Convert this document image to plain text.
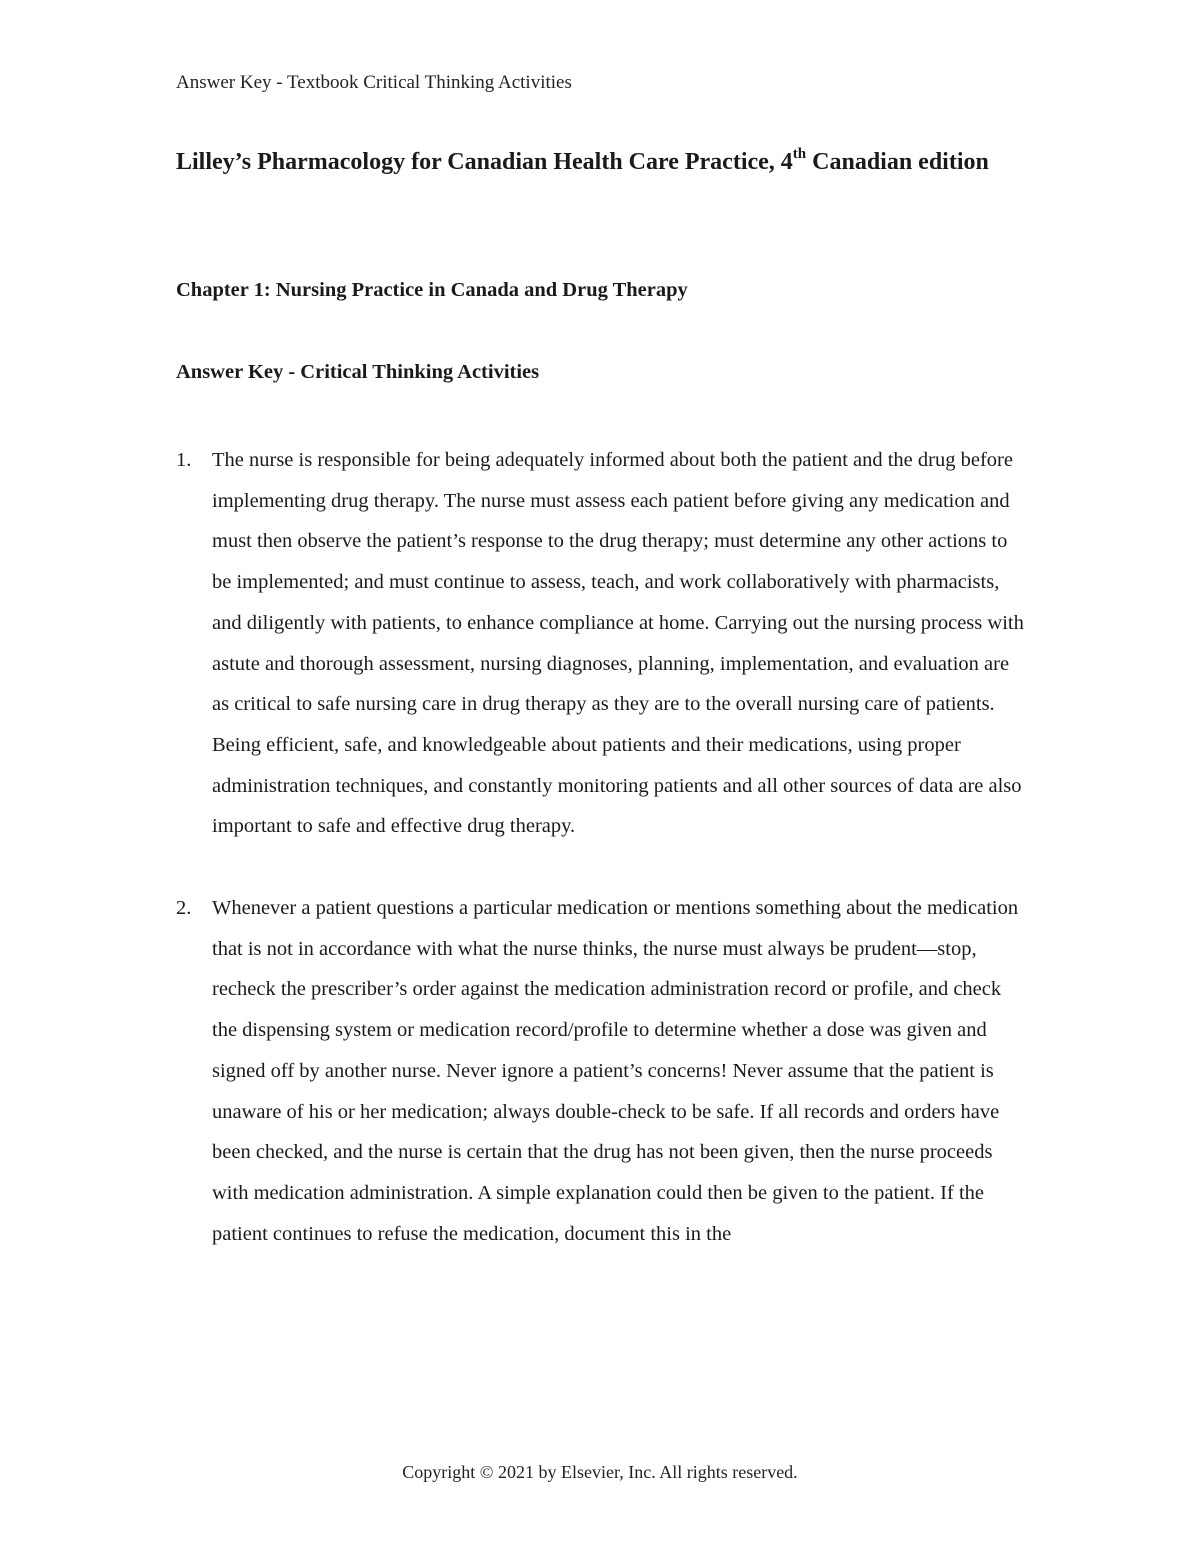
Answer Key - Textbook Critical Thinking Activities
Lilley’s Pharmacology for Canadian Health Care Practice, 4th Canadian edition
Chapter 1: Nursing Practice in Canada and Drug Therapy
Answer Key - Critical Thinking Activities
1. The nurse is responsible for being adequately informed about both the patient and the drug before implementing drug therapy. The nurse must assess each patient before giving any medication and must then observe the patient’s response to the drug therapy; must determine any other actions to be implemented; and must continue to assess, teach, and work collaboratively with pharmacists, and diligently with patients, to enhance compliance at home. Carrying out the nursing process with astute and thorough assessment, nursing diagnoses, planning, implementation, and evaluation are as critical to safe nursing care in drug therapy as they are to the overall nursing care of patients. Being efficient, safe, and knowledgeable about patients and their medications, using proper administration techniques, and constantly monitoring patients and all other sources of data are also important to safe and effective drug therapy.
2. Whenever a patient questions a particular medication or mentions something about the medication that is not in accordance with what the nurse thinks, the nurse must always be prudent—stop, recheck the prescriber’s order against the medication administration record or profile, and check the dispensing system or medication record/profile to determine whether a dose was given and signed off by another nurse. Never ignore a patient’s concerns! Never assume that the patient is unaware of his or her medication; always double-check to be safe. If all records and orders have been checked, and the nurse is certain that the drug has not been given, then the nurse proceeds with medication administration. A simple explanation could then be given to the patient. If the patient continues to refuse the medication, document this in the
Copyright © 2021 by Elsevier, Inc. All rights reserved.
